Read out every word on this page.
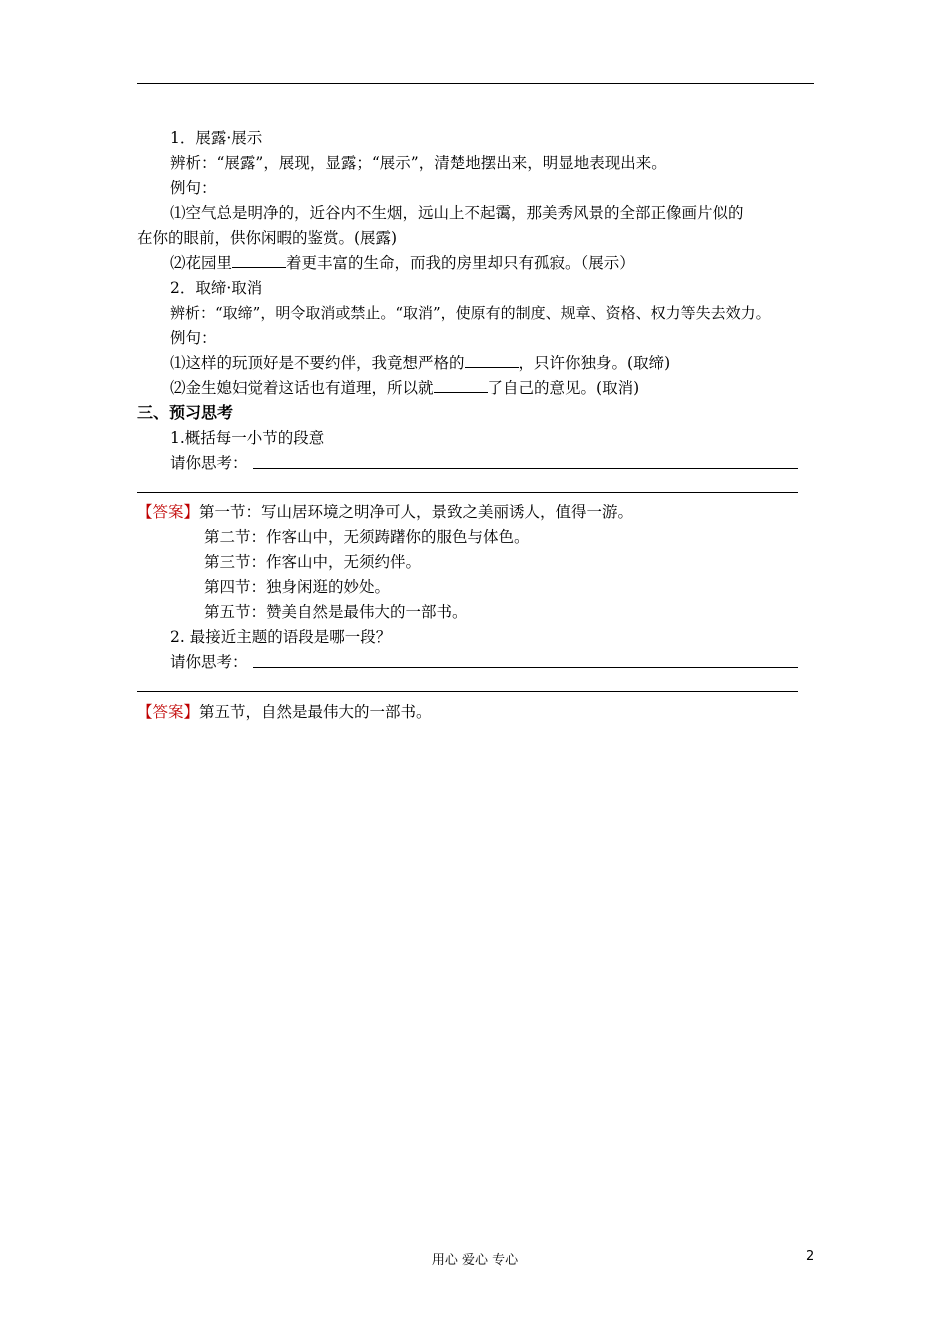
1．展露·展示
辨析：“展露”，展现，显露；“展示”，清楚地摆出来，明显地表现出来。
例句：
⑴空气总是明净的，近谷内不生烟，远山上不起霭，那美秀风景的全部正像画片似的
在你的眼前，供你闲暇的鉴赏。(展露)
⑵花园里	着更丰富的生命，而我的房里却只有孤寂。（展示）
2．取缔·取消
辨析：“取缔”，明令取消或禁止。“取消”，使原有的制度、规章、资格、权力等失去效力。
例句：
⑴这样的玩顶好是不要约伴，我竟想严格的	，只许你独身。(取缔)
⑵金生媳妇觉着这话也有道理，所以就	了自己的意见。(取消)
三、预习思考
1.概括每一小节的段意
请你思考：
【答案】第一节：写山居环境之明净可人，景致之美丽诱人，值得一游。
第二节：作客山中，无须踌躇你的服色与体色。
第三节：作客山中，无须约伴。
第四节：独身闲逛的妙处。
第五节：赞美自然是最伟大的一部书。
2. 最接近主题的语段是哪一段？
请你思考：
【答案】第五节，自然是最伟大的一部书。
用心 爱心 专心	2
